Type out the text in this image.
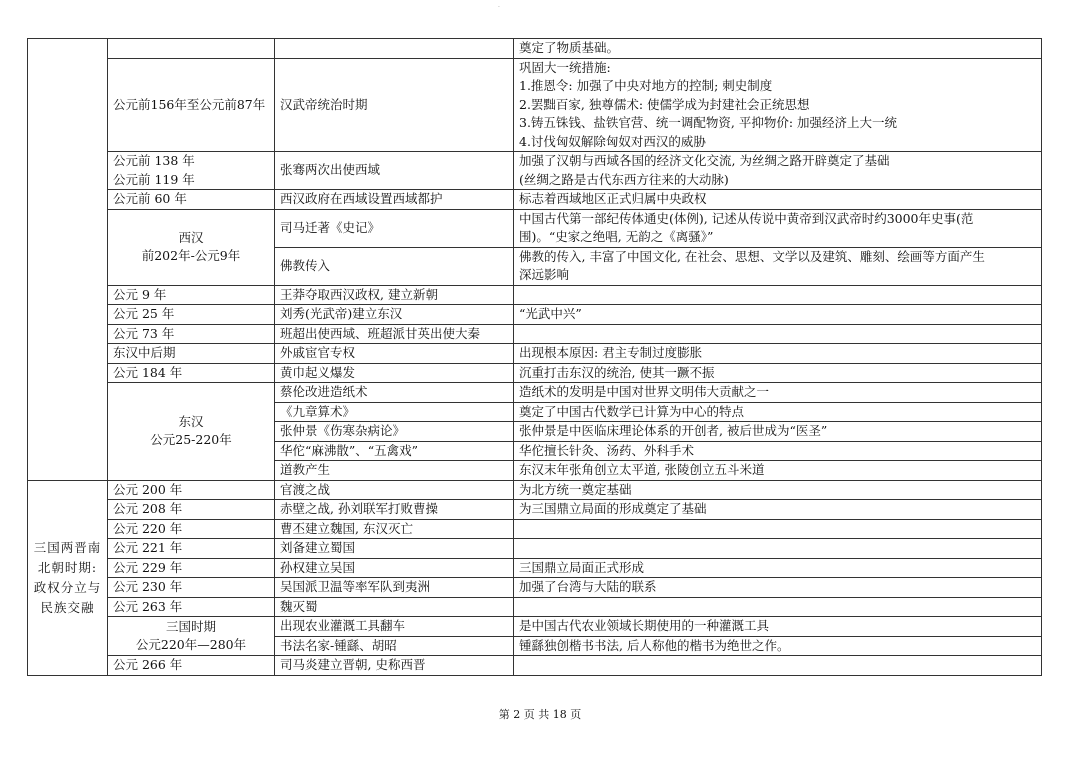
·

			奠定了物质基础。

	公元前156年至公元前87年	汉武帝统治时期	巩固大一统措施:
1.推恩令: 加强了中央对地方的控制; 刺史制度
2.罢黜百家, 独尊儒术: 使儒学成为封建社会正统思想
3.铸五铢钱、盐铁官营、统一调配物资, 平抑物价: 加强经济上大一统
4.讨伐匈奴解除匈奴对西汉的威胁

	公元前 138 年
公元前 119 年	张骞两次出使西域	加强了汉朝与西域各国的经济文化交流, 为丝绸之路开辟奠定了基础
(丝绸之路是古代东西方往来的大动脉)

	公元前 60 年	西汉政府在西域设置西域都护	标志着西域地区正式归属中央政权

	西汉
前202年-公元9年	司马迁著《史记》	中国古代第一部纪传体通史(体例), 记述从传说中黄帝到汉武帝时约3000年史事(范
围)。“史家之绝唱, 无韵之《离骚》”

		佛教传入	佛教的传入, 丰富了中国文化, 在社会、思想、文学以及建筑、雕刻、绘画等方面产生
深远影响

	公元 9 年	王莽夺取西汉政权, 建立新朝	

	公元 25 年	刘秀(光武帝)建立东汉	“光武中兴”

	公元 73 年	班超出使西域、班超派甘英出使大秦	

	东汉中后期	外戚宦官专权	出现根本原因: 君主专制过度膨胀

	公元 184 年	黄巾起义爆发	沉重打击东汉的统治, 使其一蹶不振

	东汉
公元25-220年	蔡伦改进造纸术	造纸术的发明是中国对世界文明伟大贡献之一

		《九章算术》	奠定了中国古代数学已计算为中心的特点

		张仲景《伤寒杂病论》	张仲景是中医临床理论体系的开创者, 被后世成为“医圣”

		华佗“麻沸散”、“五禽戏”	华佗擅长针灸、汤药、外科手术

		道教产生	东汉末年张角创立太平道, 张陵创立五斗米道

三国两晋南
北朝时期:
政权分立与
民族交融	公元 200 年	官渡之战	为北方统一奠定基础

	公元 208 年	赤壁之战, 孙刘联军打败曹操	为三国鼎立局面的形成奠定了基础

	公元 220 年	曹丕建立魏国, 东汉灭亡	

	公元 221 年	刘备建立蜀国	

	公元 229 年	孙权建立吴国	三国鼎立局面正式形成

	公元 230 年	吴国派卫温等率军队到夷洲	加强了台湾与大陆的联系

	公元 263 年	魏灭蜀	

	三国时期
公元220年—280年	出现农业灌溉工具翻车	是中国古代农业领域长期使用的一种灌溉工具

		书法名家-锺繇、胡昭	锺繇独创楷书书法, 后人称他的楷书为绝世之作。

	公元 266 年	司马炎建立晋朝, 史称西晋	

第 2 页 共 18 页
